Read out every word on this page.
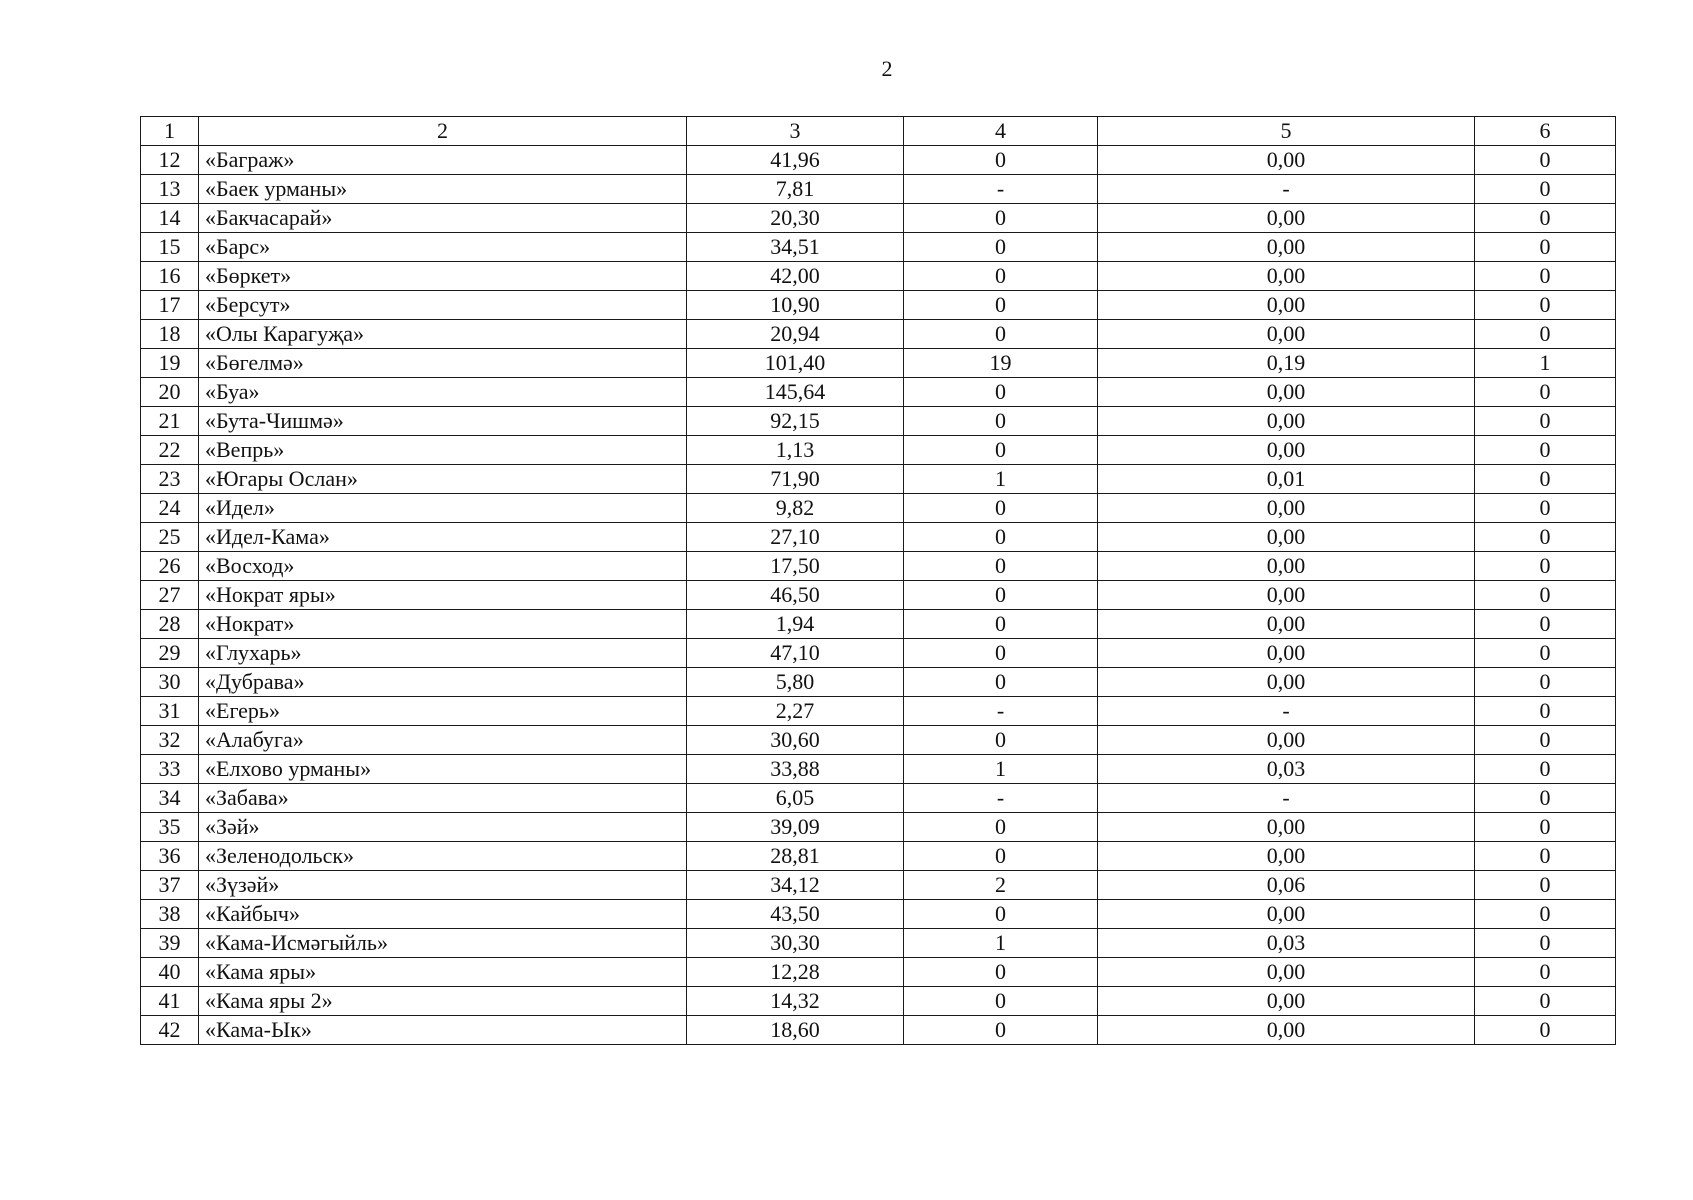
2
1	2	3	4	5	6
12	«Баграж»	41,96	0	0,00	0
13	«Баек урманы»	7,81	-	-	0
14	«Бакчасарай»	20,30	0	0,00	0
15	«Барс»	34,51	0	0,00	0
16	«Бөркет»	42,00	0	0,00	0
17	«Берсут»	10,90	0	0,00	0
18	«Олы Карагуҗа»	20,94	0	0,00	0
19	«Бөгелмә»	101,40	19	0,19	1
20	«Буа»	145,64	0	0,00	0
21	«Бута-Чишмә»	92,15	0	0,00	0
22	«Вепрь»	1,13	0	0,00	0
23	«Югары Ослан»	71,90	1	0,01	0
24	«Идел»	9,82	0	0,00	0
25	«Идел-Кама»	27,10	0	0,00	0
26	«Восход»	17,50	0	0,00	0
27	«Нократ яры»	46,50	0	0,00	0
28	«Нократ»	1,94	0	0,00	0
29	«Глухарь»	47,10	0	0,00	0
30	«Дубрава»	5,80	0	0,00	0
31	«Егерь»	2,27	-	-	0
32	«Алабуга»	30,60	0	0,00	0
33	«Елхово урманы»	33,88	1	0,03	0
34	«Забава»	6,05	-	-	0
35	«Зәй»	39,09	0	0,00	0
36	«Зеленодольск»	28,81	0	0,00	0
37	«Зүзәй»	34,12	2	0,06	0
38	«Кайбыч»	43,50	0	0,00	0
39	«Кама-Исмәгыйль»	30,30	1	0,03	0
40	«Кама яры»	12,28	0	0,00	0
41	«Кама яры 2»	14,32	0	0,00	0
42	«Кама-Ык»	18,60	0	0,00	0
